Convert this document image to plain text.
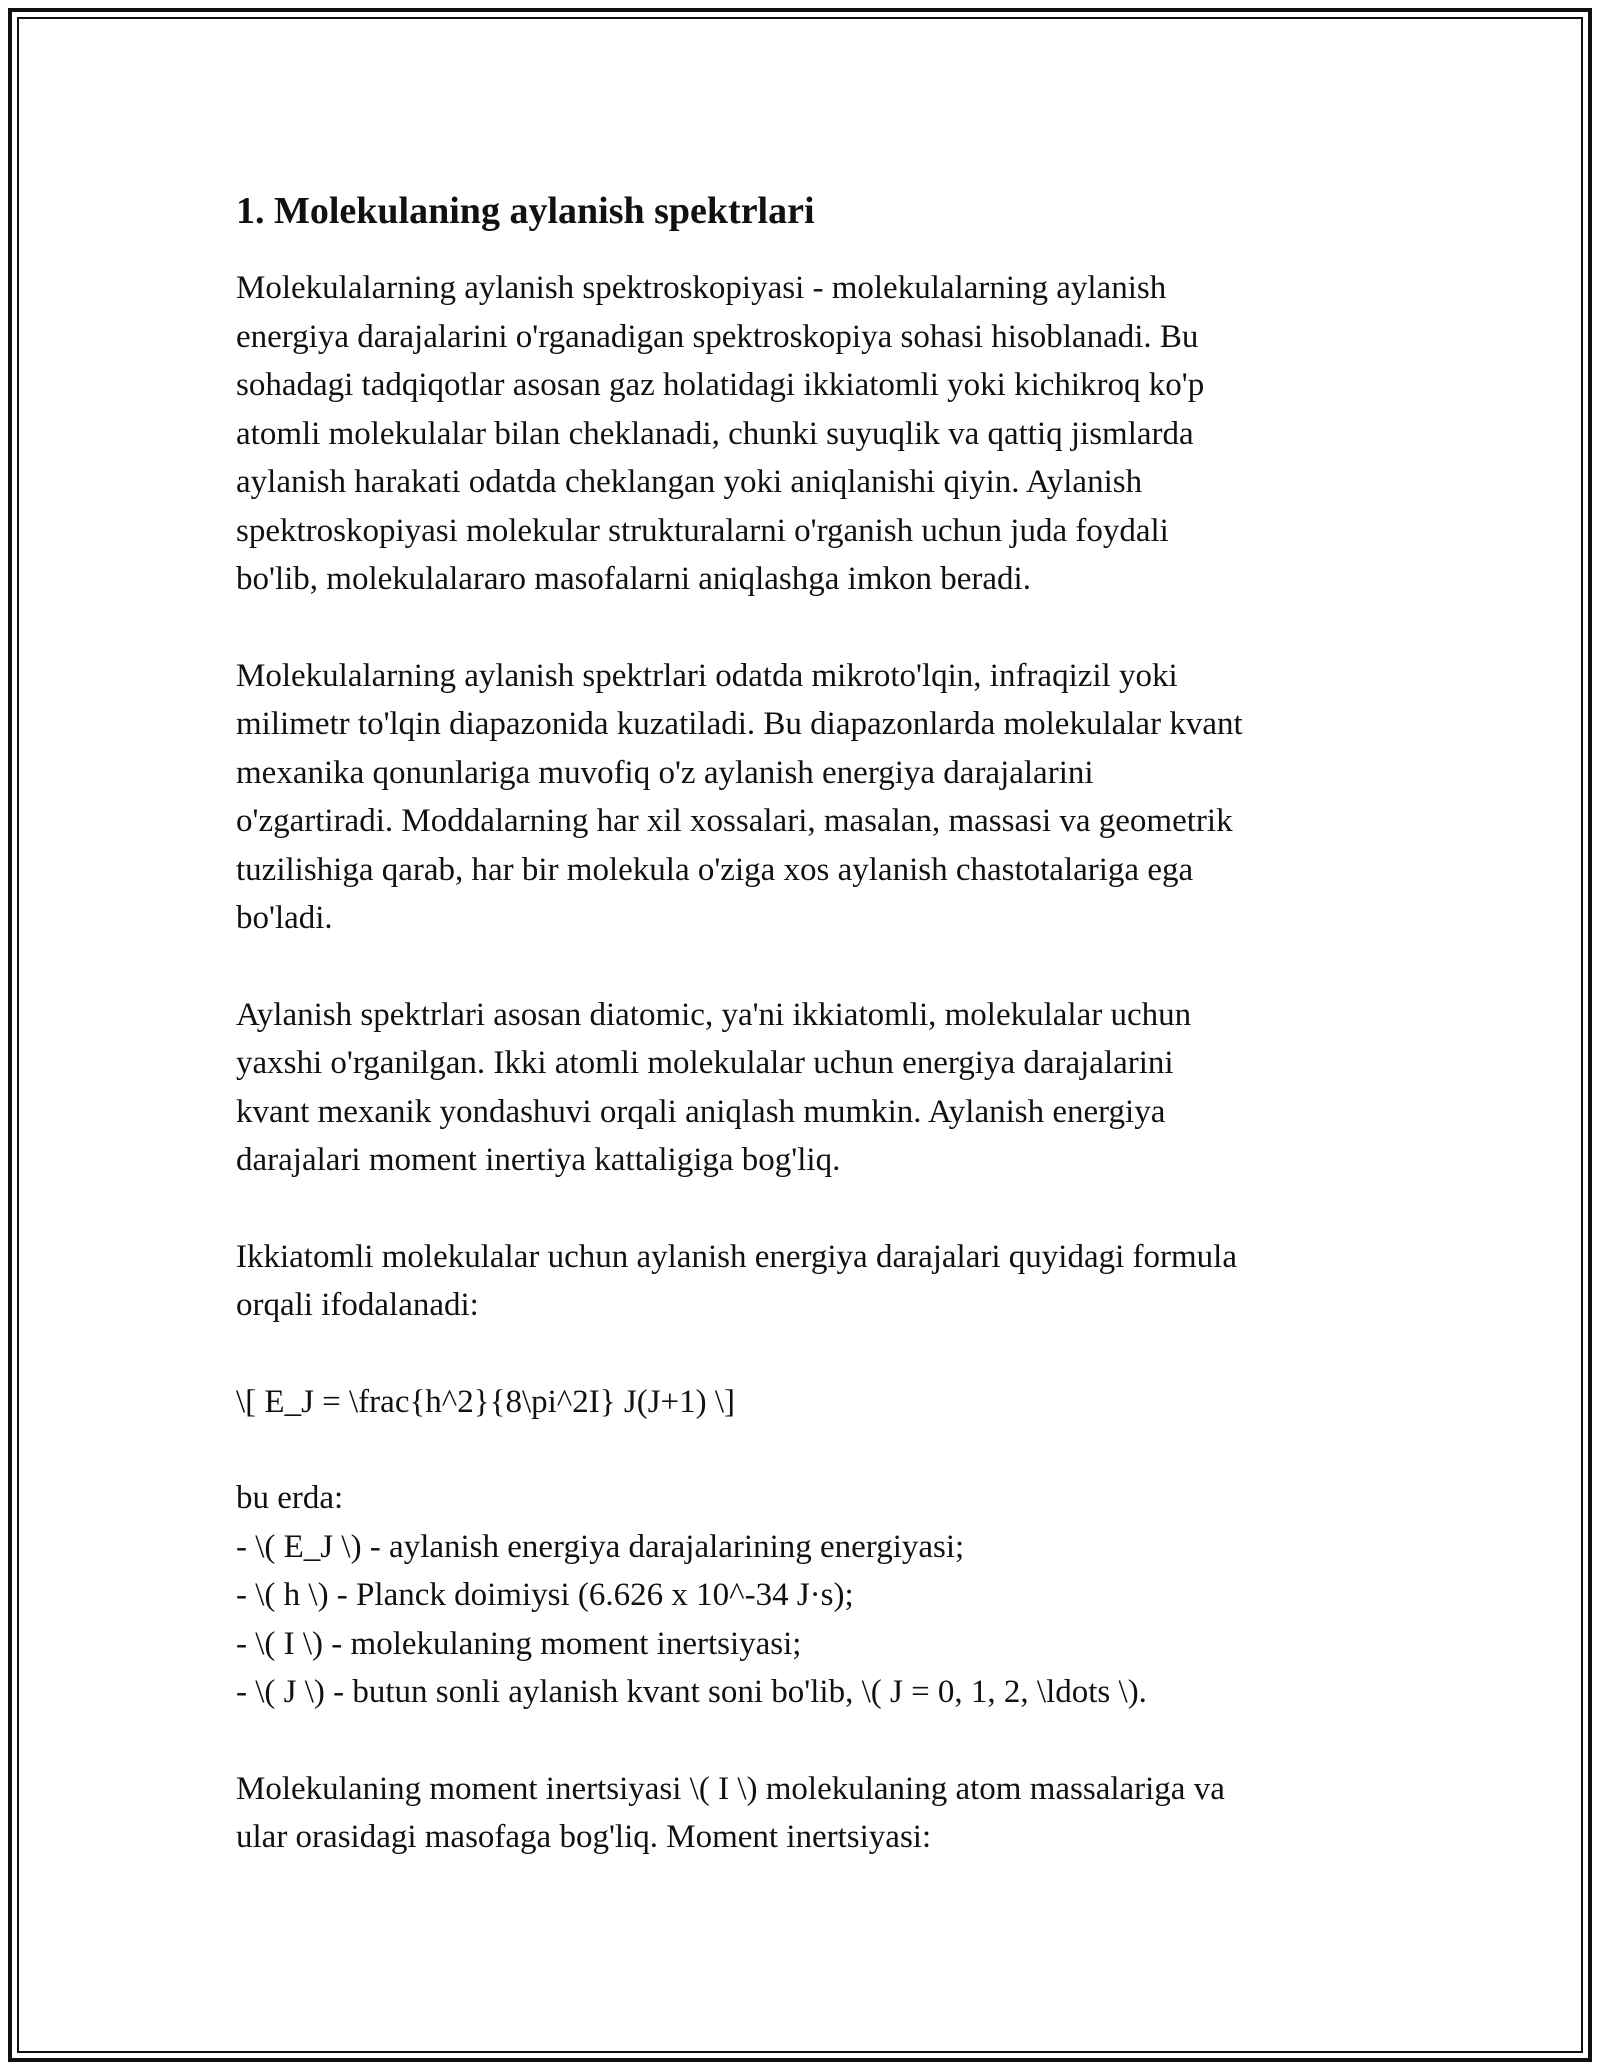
1. Molekulaning aylanish spektrlari

Molekulalarning aylanish spektroskopiyasi - molekulalarning aylanish
energiya darajalarini o'rganadigan spektroskopiya sohasi hisoblanadi. Bu
sohadagi tadqiqotlar asosan gaz holatidagi ikkiatomli yoki kichikroq ko'p
atomli molekulalar bilan cheklanadi, chunki suyuqlik va qattiq jismlarda
aylanish harakati odatda cheklangan yoki aniqlanishi qiyin. Aylanish
spektroskopiyasi molekular strukturalarni o'rganish uchun juda foydali
bo'lib, molekulalararo masofalarni aniqlashga imkon beradi.

Molekulalarning aylanish spektrlari odatda mikroto'lqin, infraqizil yoki
milimetr to'lqin diapazonida kuzatiladi. Bu diapazonlarda molekulalar kvant
mexanika qonunlariga muvofiq o'z aylanish energiya darajalarini
o'zgartiradi. Moddalarning har xil xossalari, masalan, massasi va geometrik
tuzilishiga qarab, har bir molekula o'ziga xos aylanish chastotalariga ega
bo'ladi.

Aylanish spektrlari asosan diatomic, ya'ni ikkiatomli, molekulalar uchun
yaxshi o'rganilgan. Ikki atomli molekulalar uchun energiya darajalarini
kvant mexanik yondashuvi orqali aniqlash mumkin. Aylanish energiya
darajalari moment inertiya kattaligiga bog'liq.

Ikkiatomli molekulalar uchun aylanish energiya darajalari quyidagi formula
orqali ifodalanadi:

\[ E_J = \frac{h^2}{8\pi^2I} J(J+1) \]

bu erda:

- \( E_J \) - aylanish energiya darajalarining energiyasi;
- \( h \) - Planck doimiysi (6.626 x 10^-34 J·s);
- \( I \) - molekulaning moment inertsiyasi;
- \( J \) - butun sonli aylanish kvant soni bo'lib, \( J = 0, 1, 2, \ldots \).

Molekulaning moment inertsiyasi \( I \) molekulaning atom massalariga va
ular orasidagi masofaga bog'liq. Moment inertsiyasi:
